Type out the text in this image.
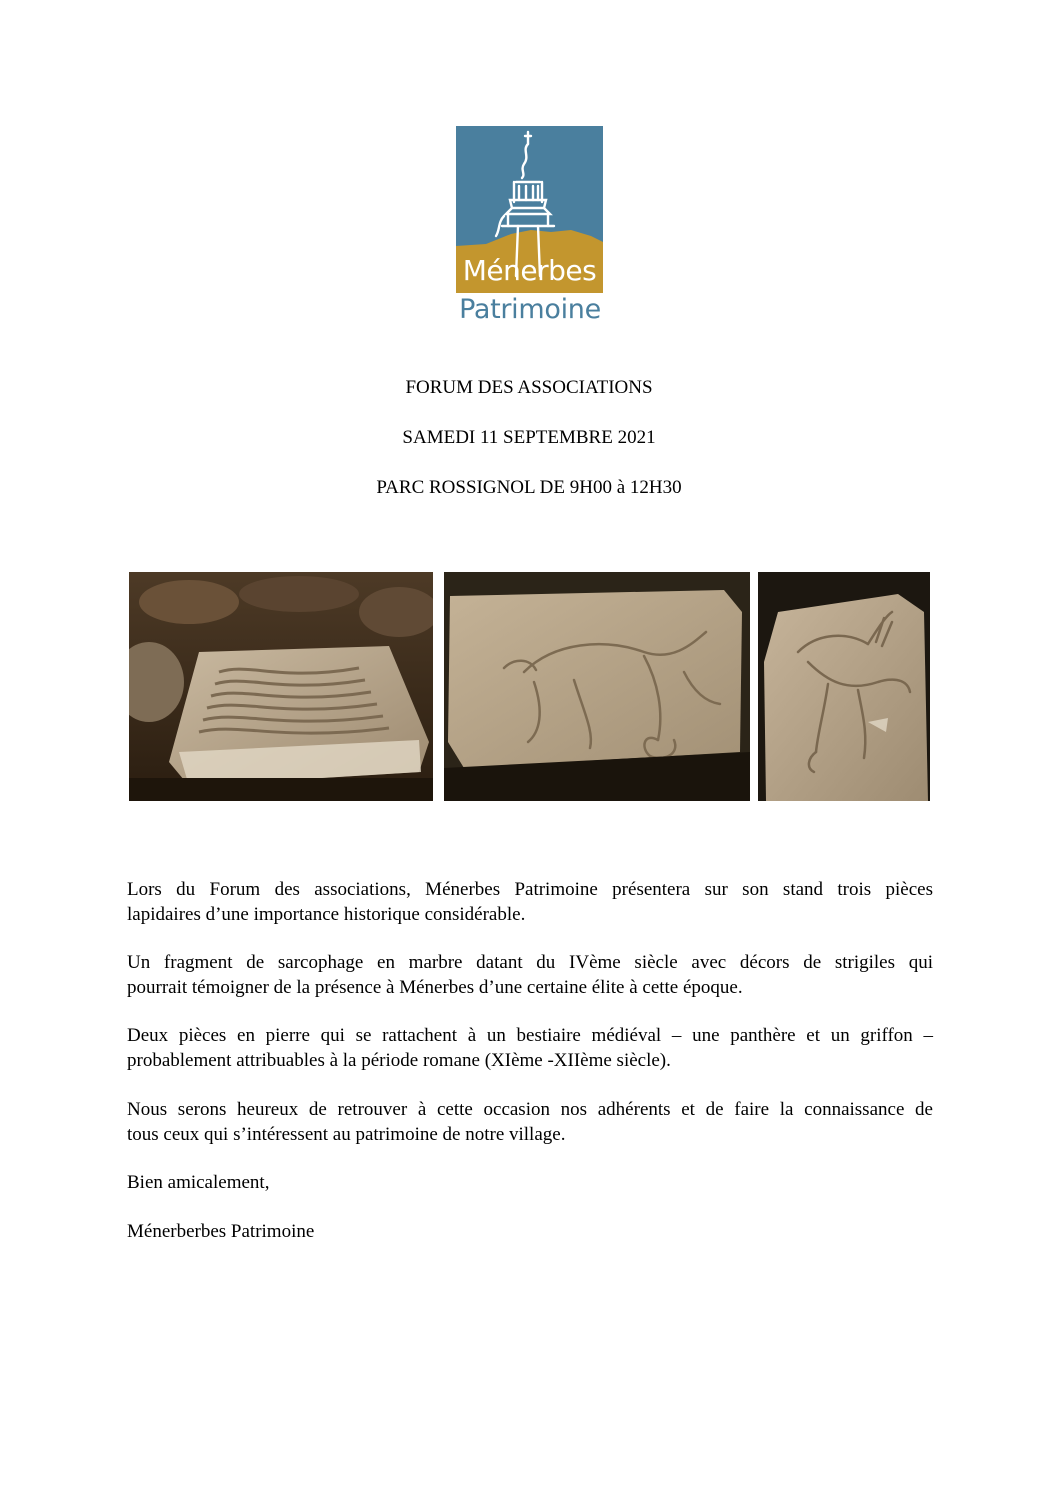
Ménerbes
Patrimoine
FORUM DES ASSOCIATIONS
SAMEDI 11 SEPTEMBRE 2021
PARC ROSSIGNOL DE 9H00 à 12H30

Lors du Forum des associations, Ménerbes Patrimoine présentera sur son stand trois pièces
lapidaires d’une importance historique considérable.

Un fragment de sarcophage en marbre datant du IVème siècle avec décors de strigiles qui
pourrait témoigner de la présence à Ménerbes d’une certaine élite à cette époque.

Deux pièces en pierre qui se rattachent à un bestiaire médiéval – une panthère et un griffon –
probablement attribuables à la période romane (XIème -XIIème siècle).

Nous serons heureux de retrouver à cette occasion nos adhérents et de faire la connaissance de
tous ceux qui s’intéressent au patrimoine de notre village.

Bien amicalement,

Ménerberbes Patrimoine
